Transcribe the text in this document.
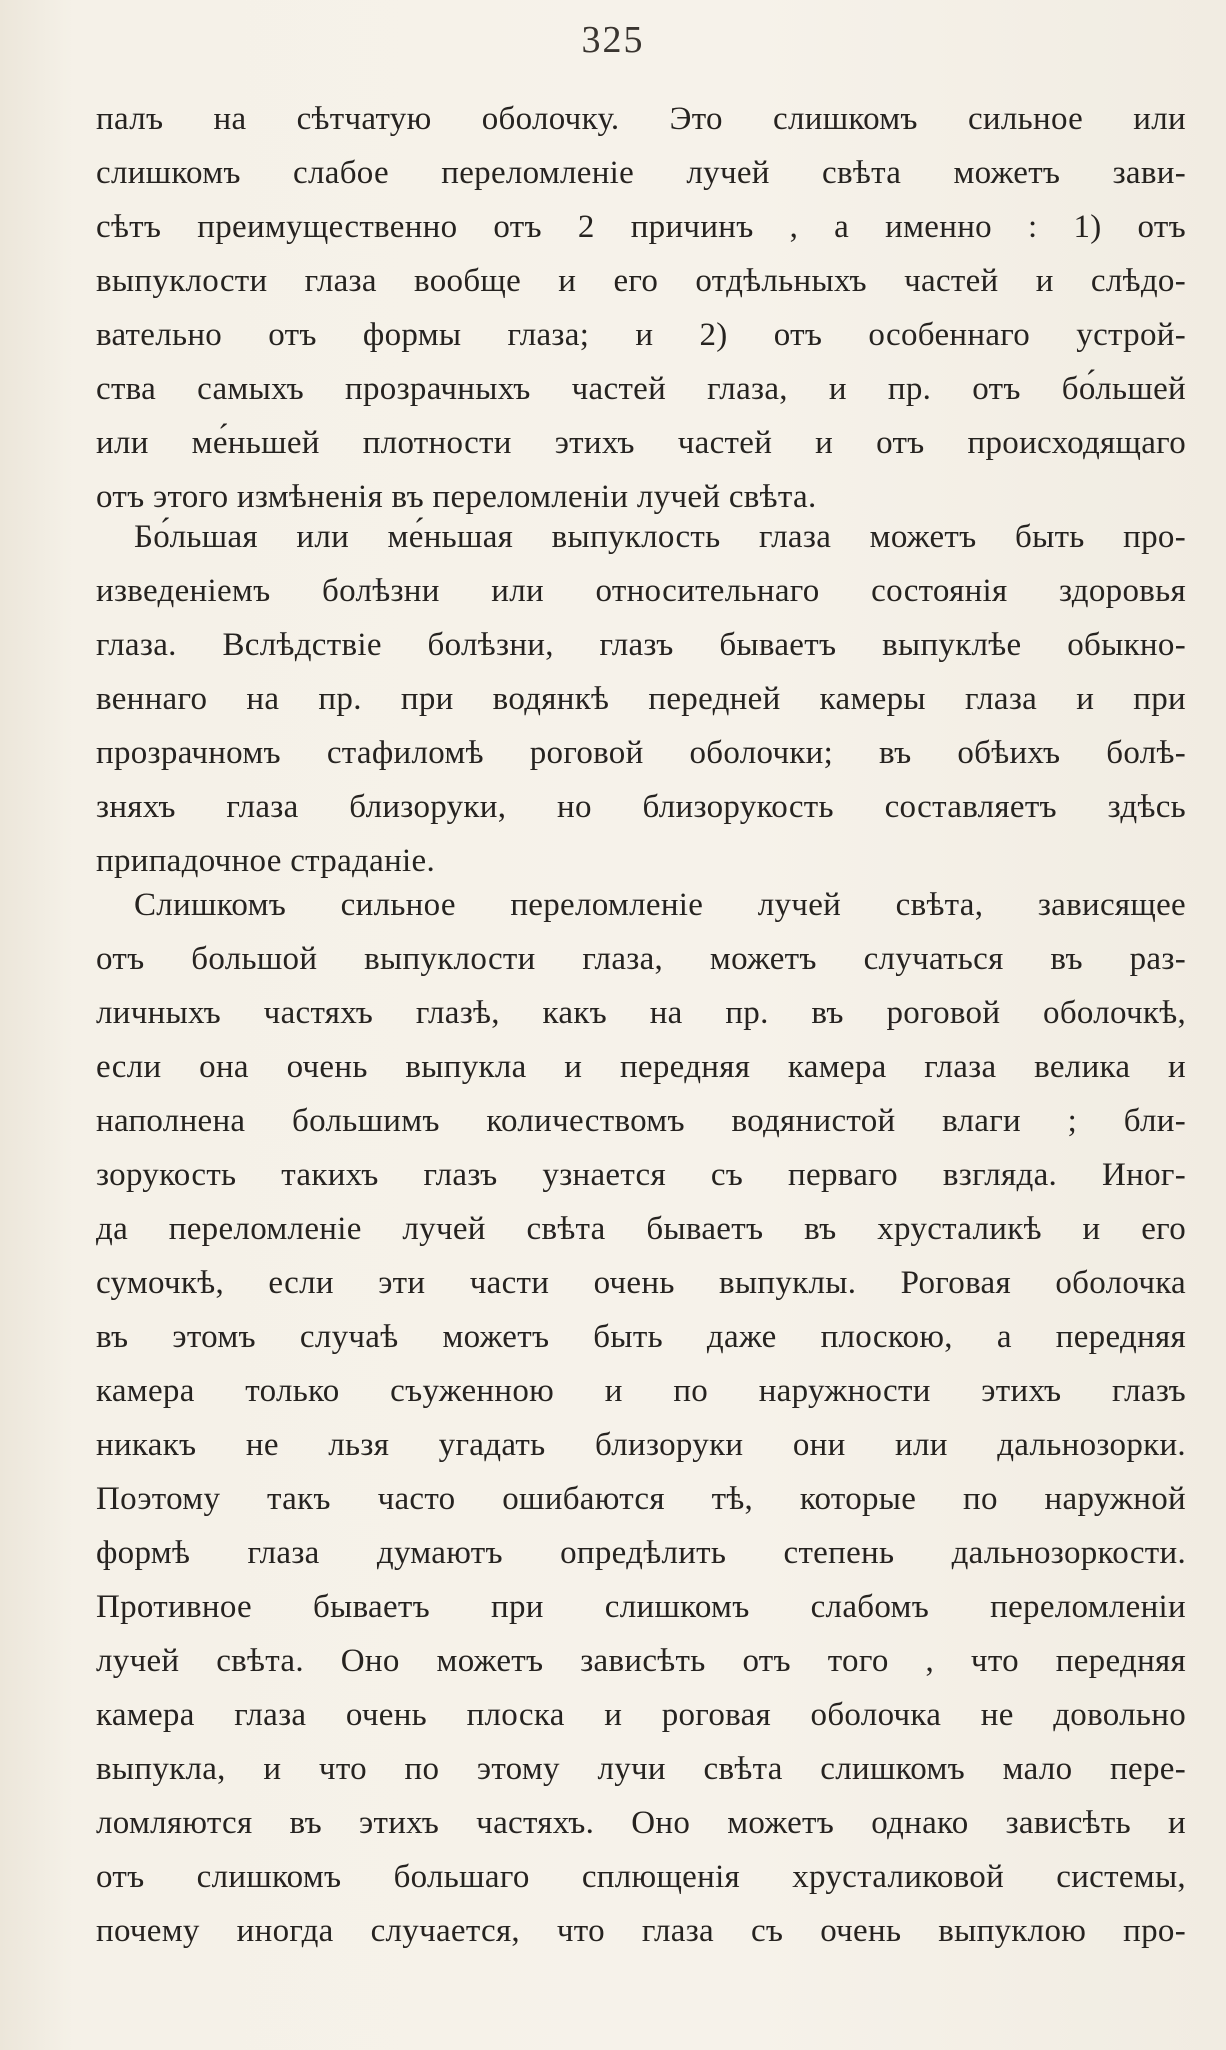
325
палъ на сѣтчатую оболочку. Это слишкомъ сильное или
слишкомъ слабое переломленіе лучей свѣта можетъ зави-
сѣтъ преимущественно отъ 2 причинъ , а именно : 1) отъ
выпуклости глаза вообще и его отдѣльныхъ частей и слѣдо-
вательно отъ формы глаза; и 2) отъ особеннаго устрой-
ства самыхъ прозрачныхъ частей глаза, и пр. отъ бо́льшей
или ме́ньшей плотности этихъ частей и отъ происходящаго
отъ этого измѣненія въ переломленіи лучей свѣта.
Бо́льшая или ме́ньшая выпуклость глаза можетъ быть про-
изведеніемъ болѣзни или относительнаго состоянія здоровья
глаза. Вслѣдствіе болѣзни, глазъ бываетъ выпуклѣе обыкно-
веннаго на пр. при водянкѣ передней камеры глаза и при
прозрачномъ стафиломѣ роговой оболочки; въ обѣихъ болѣ-
зняхъ глаза близоруки, но близорукость составляетъ здѣсь
припадочное страданіе.
Слишкомъ сильное переломленіе лучей свѣта, зависящее
отъ большой выпуклости глаза, можетъ случаться въ раз-
личныхъ частяхъ глазѣ, какъ на пр. въ роговой оболочкѣ,
если она очень выпукла и передняя камера глаза велика и
наполнена большимъ количествомъ водянистой влаги ; бли-
зорукость такихъ глазъ узнается съ перваго взгляда. Иног-
да переломленіе лучей свѣта бываетъ въ хрусталикѣ и его
сумочкѣ, если эти части очень выпуклы. Роговая оболочка
въ этомъ случаѣ можетъ быть даже плоскою, а передняя
камера только съуженною и по наружности этихъ глазъ
никакъ не льзя угадать близоруки они или дальнозорки.
Поэтому такъ часто ошибаются тѣ, которые по наружной
формѣ глаза думаютъ опредѣлить степень дальнозоркости.
Противное бываетъ при слишкомъ слабомъ переломленіи
лучей свѣта. Оно можетъ зависѣть отъ того , что передняя
камера глаза очень плоска и роговая оболочка не довольно
выпукла, и что по этому лучи свѣта слишкомъ мало пере-
ломляются въ этихъ частяхъ. Оно можетъ однако зависѣть и
отъ слишкомъ большаго сплющенія хрусталиковой системы,
почему иногда случается, что глаза съ очень выпуклою про-
